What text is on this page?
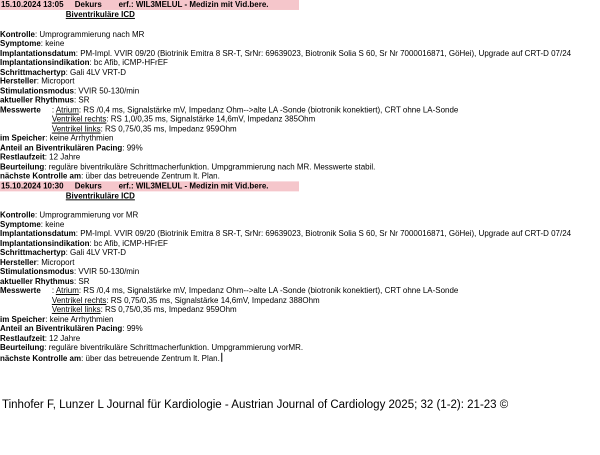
15.10.2024 13:05 Dekurs erf.: WIL3MELUL - Medizin mit Vid.bere.
Biventrikuläre ICD
Kontrolle: Umprogrammierung nach MR
Symptome: keine
Implantationsdatum: PM-Impl. VVIR 09/20 (Biotrinik Emitra 8 SR-T, SrNr: 69639023, Biotronik Solia S 60, Sr Nr 7000016871, GöHei), Upgrade auf CRT-D 07/24
Implantationsindikation: bc Afib, iCMP-HFrEF
Schrittmachertyp: Gali 4LV VRT-D
Hersteller: Microport
Stimulationsmodus: VVIR 50-130/min
aktueller Rhythmus: SR
Messwerte	: Atrium: RS /0,4 ms, Signalstärke mV, Impedanz Ohm-->alte LA -Sonde (biotronik konektiert), CRT ohne LA-Sonde
Ventrikel rechts: RS 1,0/0,35 ms, Signalstärke 14,6mV, Impedanz 385Ohm
Ventrikel links: RS 0,75/0,35 ms, Impedanz 959Ohm
im Speicher: keine Arrhythmien
Anteil an Biventrikulären Pacing: 99%
Restlaufzeit: 12 Jahre
Beurteilung: reguläre biventrikuläre Schrittmacherfunktion. Umpgrammierung nach MR. Messwerte stabil.
nächste Kontrolle am: über das betreuende Zentrum lt. Plan.
15.10.2024 10:30 Dekurs erf.: WIL3MELUL - Medizin mit Vid.bere.
Biventrikuläre ICD
Kontrolle: Umprogrammierung vor MR
Symptome: keine
Implantationsdatum: PM-Impl. VVIR 09/20 (Biotrinik Emitra 8 SR-T, SrNr: 69639023, Biotronik Solia S 60, Sr Nr 7000016871, GöHei), Upgrade auf CRT-D 07/24
Implantationsindikation: bc Afib, iCMP-HFrEF
Schrittmachertyp: Gali 4LV VRT-D
Hersteller: Microport
Stimulationsmodus: VVIR 50-130/min
aktueller Rhythmus: SR
Messwerte	: Atrium: RS /0,4 ms, Signalstärke mV, Impedanz Ohm-->alte LA -Sonde (biotronik konektiert), CRT ohne LA-Sonde
Ventrikel rechts: RS 0,75/0,35 ms, Signalstärke 14,6mV, Impedanz 388Ohm
Ventrikel links: RS 0,75/0,35 ms, Impedanz 959Ohm
im Speicher: keine Arrhythmien
Anteil an Biventrikulären Pacing: 99%
Restlaufzeit: 12 Jahre
Beurteilung: reguläre biventrikuläre Schrittmacherfunktion. Umpgrammierung vorMR.
nächste Kontrolle am: über das betreuende Zentrum lt. Plan.
Tinhofer F, Lunzer L Journal für Kardiologie - Austrian Journal of Cardiology 2025; 32 (1-2): 21-23 ©
